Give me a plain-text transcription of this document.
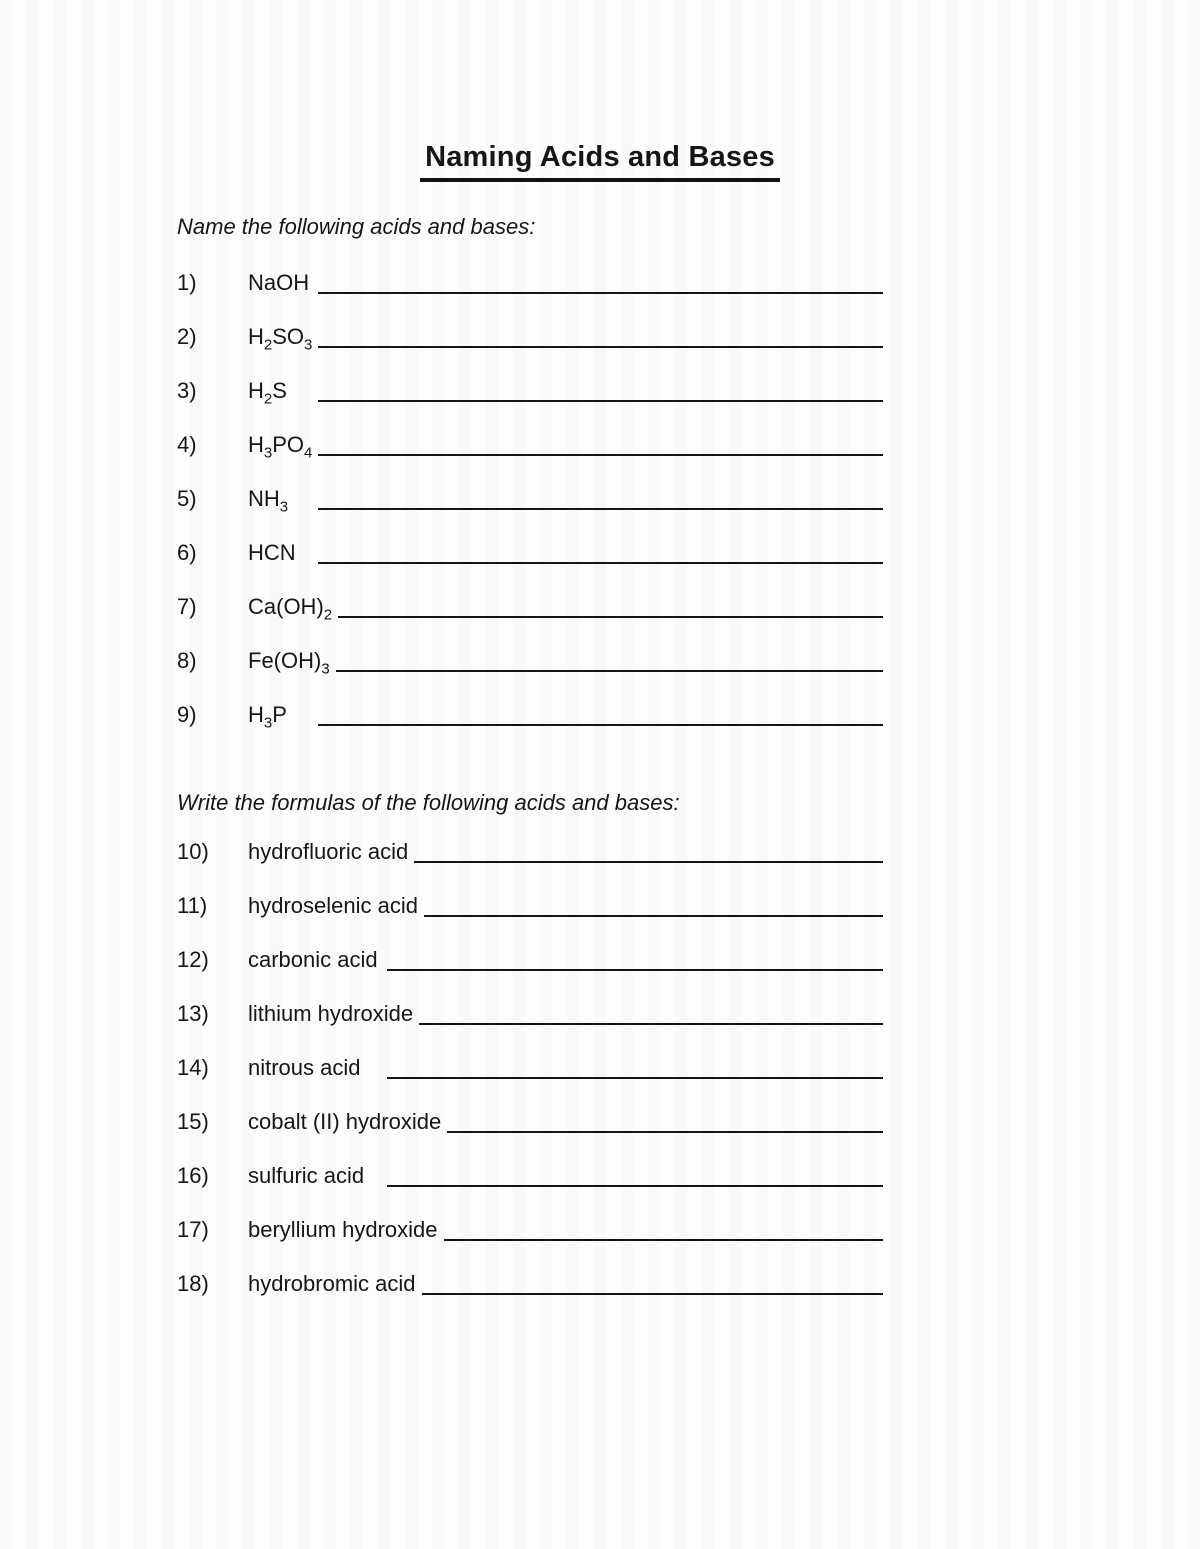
Naming Acids and Bases

Name the following acids and bases:

1)	NaOH
2)	$H_2SO_3$
3)	$H_2S$
4)	$H_3PO_4$
5)	$NH_3$
6)	HCN
7)	$Ca(OH)_2$
8)	$Fe(OH)_3$
9)	$H_3P$

Write the formulas of the following acids and bases:

10)	hydrofluoric acid
11)	hydroselenic acid
12)	carbonic acid
13)	lithium hydroxide
14)	nitrous acid
15)	cobalt (II) hydroxide
16)	sulfuric acid
17)	beryllium hydroxide
18)	hydrobromic acid
